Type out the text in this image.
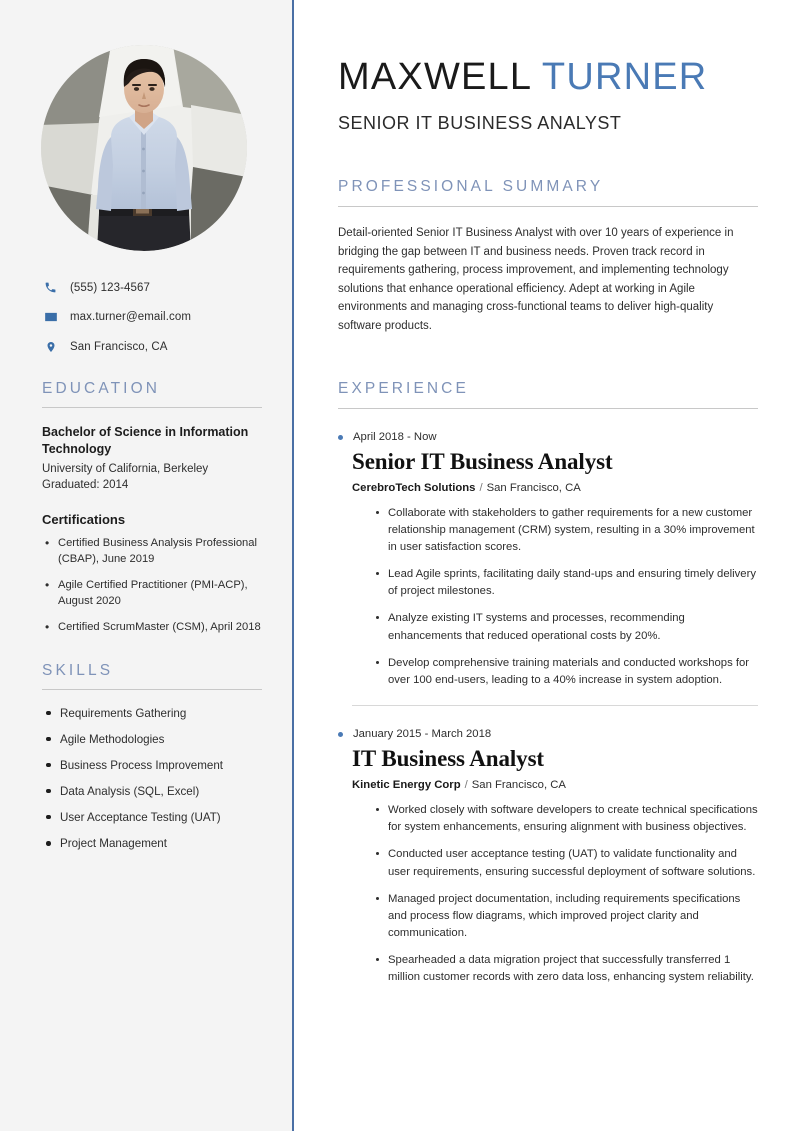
(555) 123-4567
max.turner@email.com
San Francisco, CA
EDUCATION
Bachelor of Science in Information Technology
University of California, Berkeley
Graduated: 2014
Certifications
• Certified Business Analysis Professional (CBAP), June 2019
• Agile Certified Practitioner (PMI-ACP), August 2020
• Certified ScrumMaster (CSM), April 2018
SKILLS
Requirements Gathering
Agile Methodologies
Business Process Improvement
Data Analysis (SQL, Excel)
User Acceptance Testing (UAT)
Project Management
MAXWELL TURNER
SENIOR IT BUSINESS ANALYST
PROFESSIONAL SUMMARY

Detail-oriented Senior IT Business Analyst with over 10 years of experience in bridging the gap between IT and business needs. Proven track record in requirements gathering, process improvement, and implementing technology solutions that enhance operational efficiency. Adept at working in Agile environments and managing cross-functional teams to deliver high-quality software products.

EXPERIENCE
April 2018 - Now
Senior IT Business Analyst
CerebroTech Solutions / San Francisco, CA
Collaborate with stakeholders to gather requirements for a new customer relationship management (CRM) system, resulting in a 30% improvement in user satisfaction scores.
Lead Agile sprints, facilitating daily stand-ups and ensuring timely delivery of project milestones.
Analyze existing IT systems and processes, recommending enhancements that reduced operational costs by 20%.
Develop comprehensive training materials and conducted workshops for over 100 end-users, leading to a 40% increase in system adoption.
January 2015 - March 2018
IT Business Analyst
Kinetic Energy Corp / San Francisco, CA
Worked closely with software developers to create technical specifications for system enhancements, ensuring alignment with business objectives.
Conducted user acceptance testing (UAT) to validate functionality and user requirements, ensuring successful deployment of software solutions.
Managed project documentation, including requirements specifications and process flow diagrams, which improved project clarity and communication.
Spearheaded a data migration project that successfully transferred 1 million customer records with zero data loss, enhancing system reliability.
